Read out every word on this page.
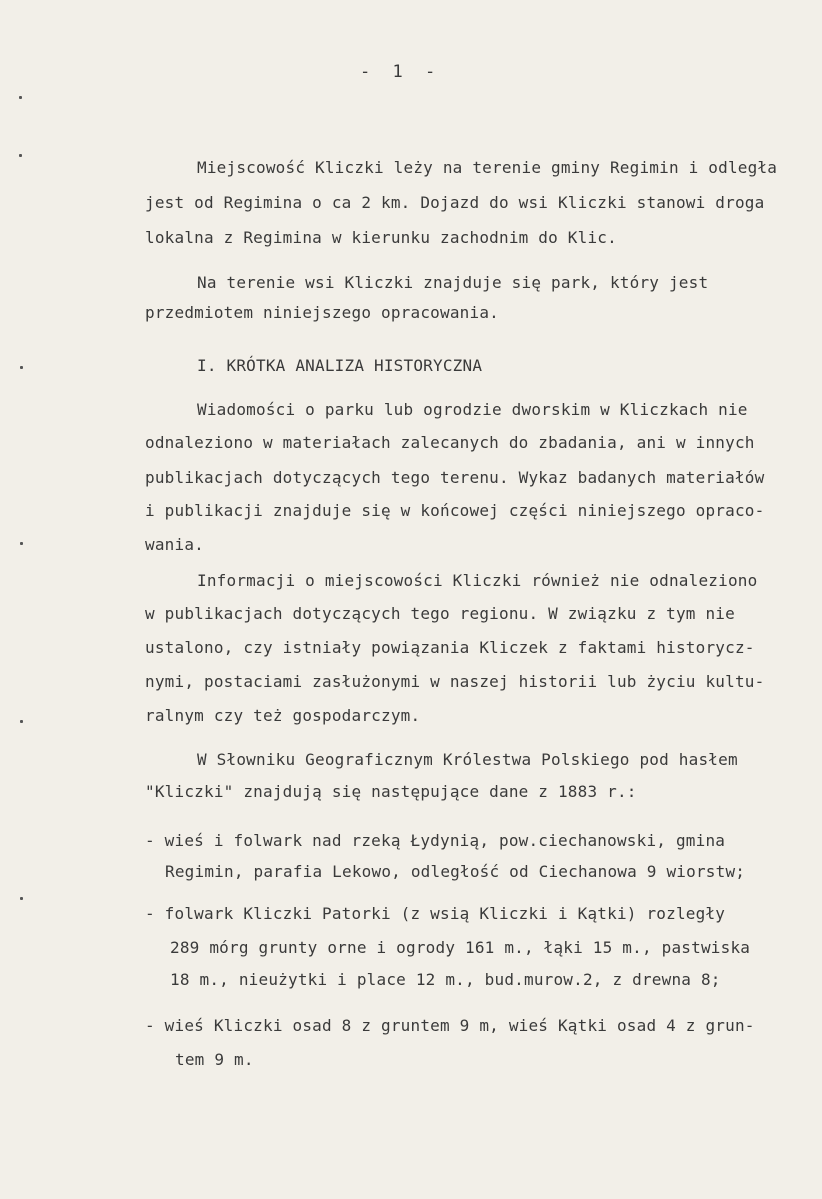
- 1 -
Miejscowość Kliczki leży na terenie gminy Regimin i odległa
jest od Regimina o ca 2 km. Dojazd do wsi Kliczki stanowi droga
lokalna z Regimina w kierunku zachodnim do Klic.
Na terenie wsi Kliczki znajduje się park, który jest
przedmiotem niniejszego opracowania.
I. KRÓTKA ANALIZA HISTORYCZNA
Wiadomości o parku lub ogrodzie dworskim w Kliczkach nie
odnaleziono w materiałach zalecanych do zbadania, ani w innych
publikacjach dotyczących tego terenu. Wykaz badanych materiałów
i publikacji znajduje się w końcowej części niniejszego opraco-
wania.
Informacji o miejscowości Kliczki również nie odnaleziono
w publikacjach dotyczących tego regionu. W związku z tym nie
ustalono, czy istniały powiązania Kliczek z faktami historycz-
nymi, postaciami zasłużonymi w naszej historii lub życiu kultu-
ralnym czy też gospodarczym.
W Słowniku Geograficznym Królestwa Polskiego pod hasłem
"Kliczki" znajdują się następujące dane z 1883 r.:
- wieś i folwark nad rzeką Łydynią, pow.ciechanowski, gmina
Regimin, parafia Lekowo, odległość od Ciechanowa 9 wiorstw;
- folwark Kliczki Patorki (z wsią Kliczki i Kątki) rozległy
289 mórg grunty orne i ogrody 161 m., łąki 15 m., pastwiska
18 m., nieużytki i place 12 m., bud.murow.2, z drewna 8;
- wieś Kliczki osad 8 z gruntem 9 m, wieś Kątki osad 4 z grun-
tem 9 m.
